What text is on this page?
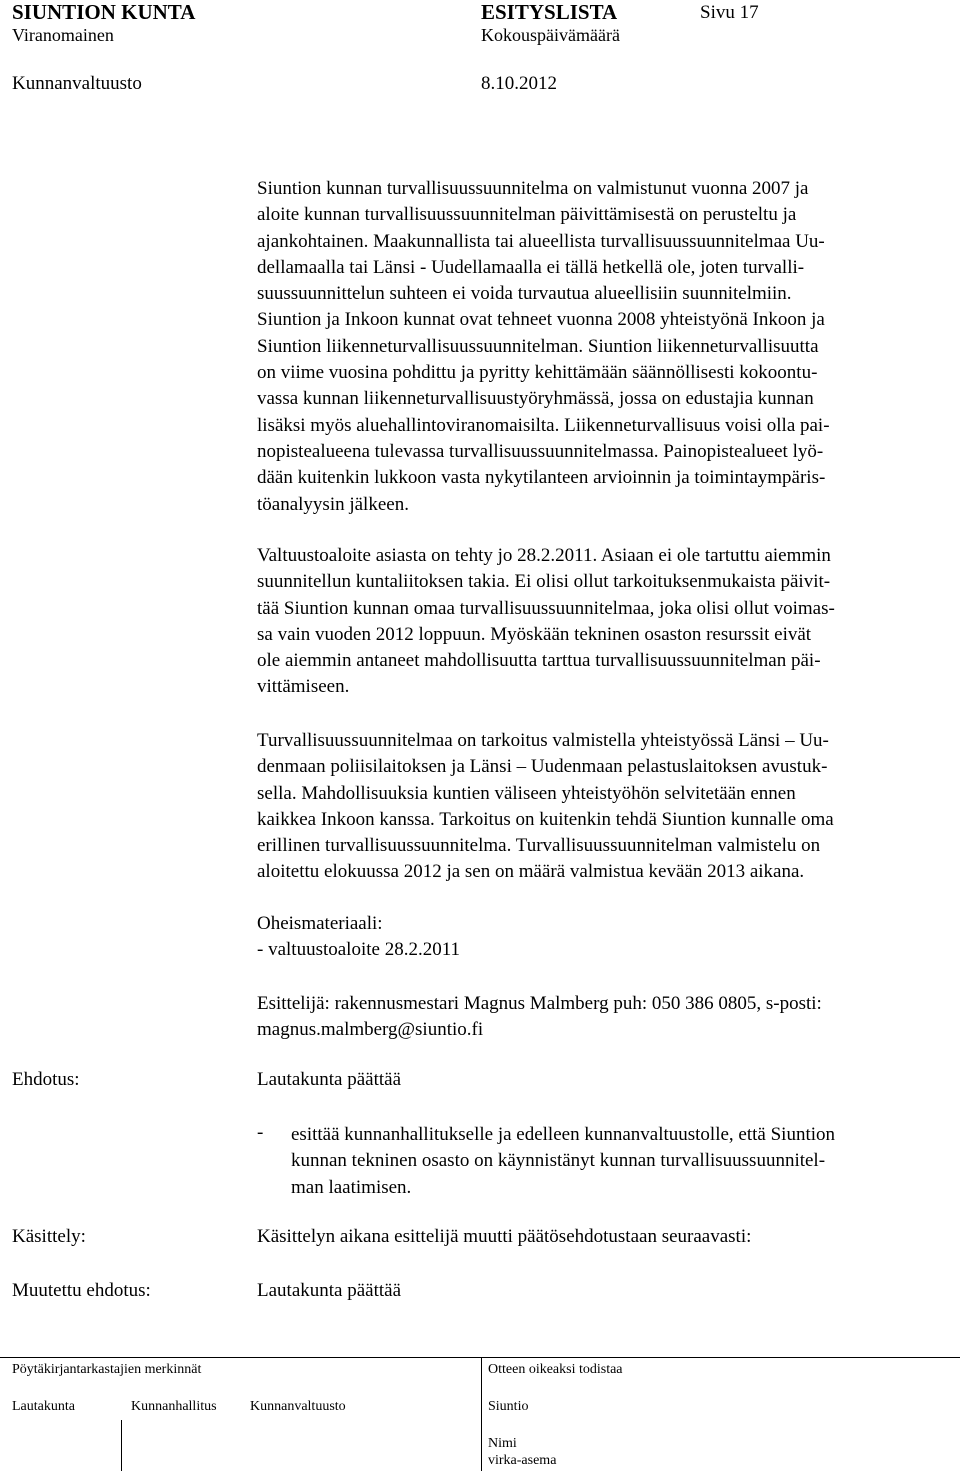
SIUNTION KUNTA	ESITYSLISTA	Sivu 17
Viranomainen	Kokouspäivämäärä
Kunnanvaltuusto	8.10.2012
Siuntion kunnan turvallisuussuunnitelma on valmistunut vuonna 2007 ja
aloite kunnan turvallisuussuunnitelman päivittämisestä on perusteltu ja
ajankohtainen. Maakunnallista tai alueellista turvallisuussuunnitelmaa Uu-
dellamaalla tai Länsi - Uudellamaalla ei tällä hetkellä ole, joten turvalli-
suussuunnittelun suhteen ei voida turvautua alueellisiin suunnitelmiin.
Siuntion ja Inkoon kunnat ovat tehneet vuonna 2008 yhteistyönä Inkoon ja
Siuntion liikenneturvallisuussuunnitelman. Siuntion liikenneturvallisuutta
on viime vuosina pohdittu ja pyritty kehittämään säännöllisesti kokoontu-
vassa kunnan liikenneturvallisuustyöryhmässä, jossa on edustajia kunnan
lisäksi myös aluehallintoviranomaisilta. Liikenneturvallisuus voisi olla pai-
nopistealueena tulevassa turvallisuussuunnitelmassa. Painopistealueet lyö-
dään kuitenkin lukkoon vasta nykytilanteen arvioinnin ja toimintaympäris-
töanalyysin jälkeen.
Valtuustoaloite asiasta on tehty jo 28.2.2011. Asiaan ei ole tartuttu aiemmin
suunnitellun kuntaliitoksen takia. Ei olisi ollut tarkoituksenmukaista päivit-
tää Siuntion kunnan omaa turvallisuussuunnitelmaa, joka olisi ollut voimas-
sa vain vuoden 2012 loppuun. Myöskään tekninen osaston resurssit eivät
ole aiemmin antaneet mahdollisuutta tarttua turvallisuussuunnitelman päi-
vittämiseen.
Turvallisuussuunnitelmaa on tarkoitus valmistella yhteistyössä Länsi – Uu-
denmaan poliisilaitoksen ja Länsi – Uudenmaan pelastuslaitoksen avustuk-
sella. Mahdollisuuksia kuntien väliseen yhteistyöhön selvitetään ennen
kaikkea Inkoon kanssa. Tarkoitus on kuitenkin tehdä Siuntion kunnalle oma
erillinen turvallisuussuunnitelma. Turvallisuussuunnitelman valmistelu on
aloitettu elokuussa 2012 ja sen on määrä valmistua kevään 2013 aikana.
Oheismateriaali:
- valtuustoaloite 28.2.2011
Esittelijä: rakennusmestari Magnus Malmberg puh: 050 386 0805, s-posti:
magnus.malmberg@siuntio.fi
Ehdotus:	Lautakunta päättää
- esittää kunnanhallitukselle ja edelleen kunnanvaltuustolle, että Siuntion
kunnan tekninen osasto on käynnistänyt kunnan turvallisuussuunnitel-
man laatimisen.
Käsittely:	Käsittelyn aikana esittelijä muutti päätösehdotustaan seuraavasti:
Muutettu ehdotus:	Lautakunta päättää
Pöytäkirjantarkastajien merkinnät	Otteen oikeaksi todistaa
Lautakunta	Kunnanhallitus Kunnanvaltuusto	Siuntio
Nimi
virka-asema
